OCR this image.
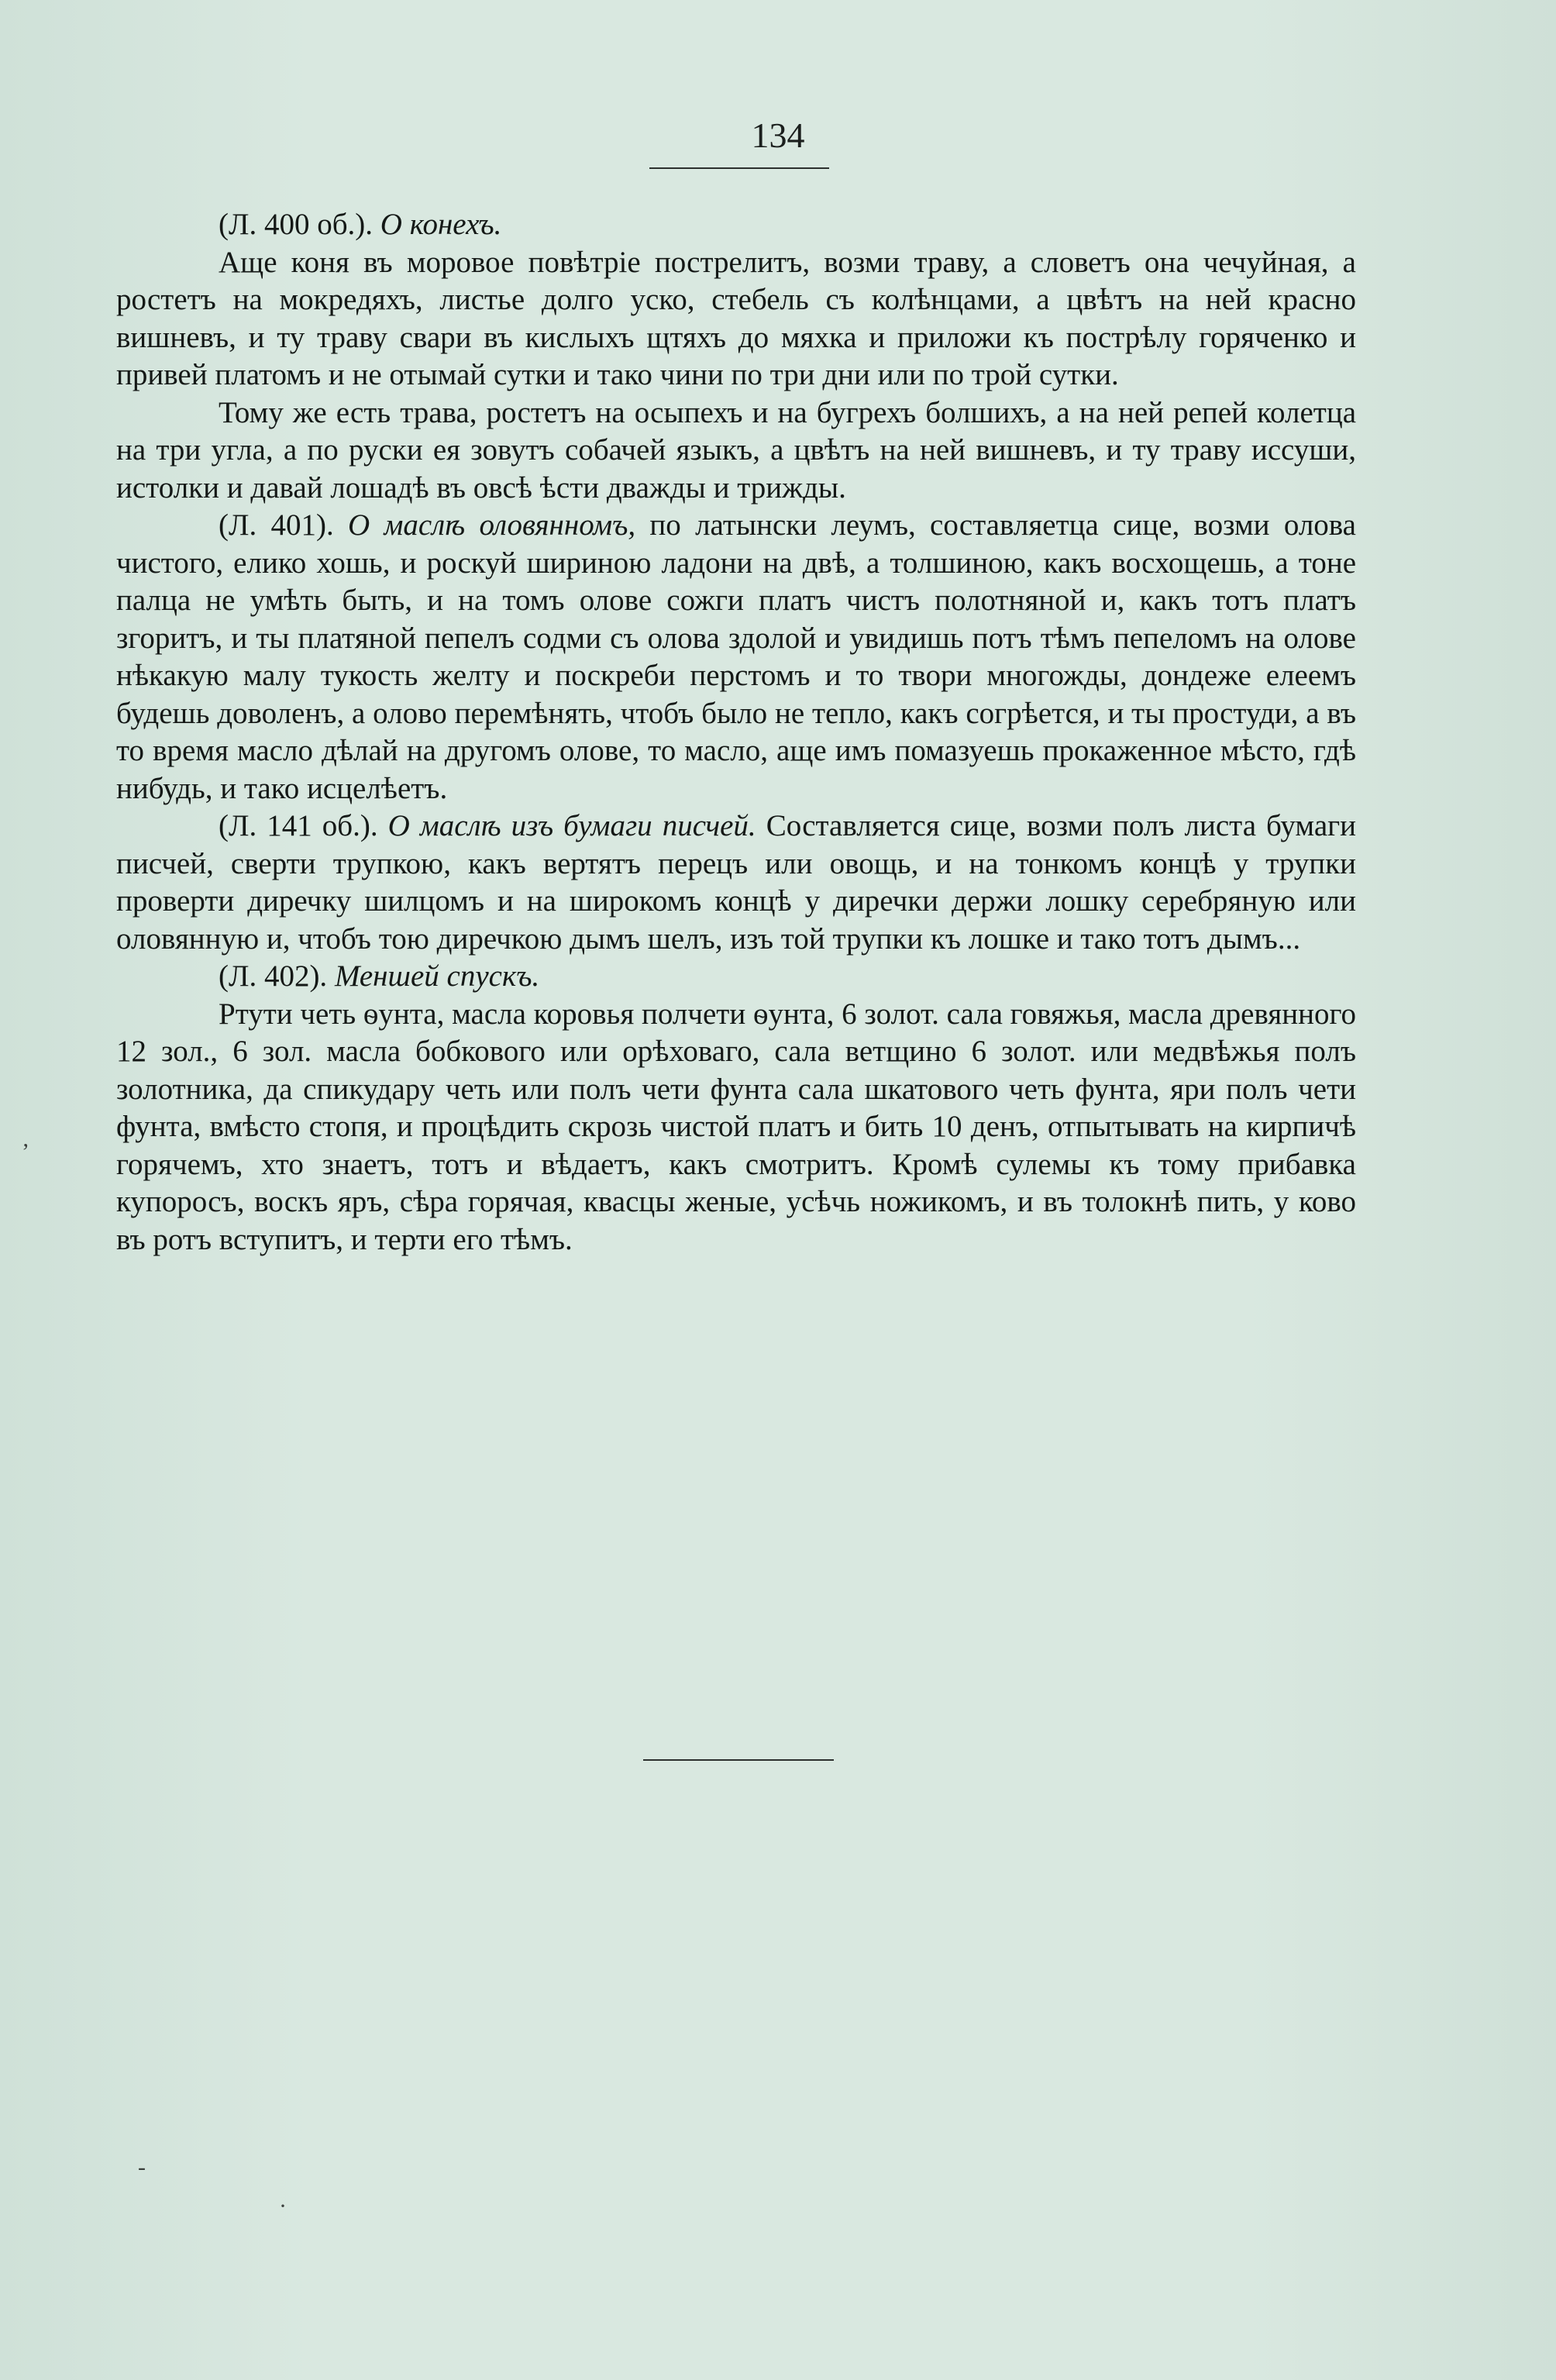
134

(Л. 400 об.). О конехъ.

Аще коня въ моровое повѣтріе пострелитъ, возми траву, а словетъ она чечуйная, а ростетъ на мокредяхъ, листье долго уско, стебель съ колѣнцами, а цвѣтъ на ней красно вишневъ, и ту траву свари въ кислыхъ щтяхъ до мяхка и приложи къ пострѣлу горяченко и привей платомъ и не отымай сутки и тако чини по три дни или по трой сутки.

Тому же есть трава, ростетъ на осыпехъ и на бугрехъ болшихъ, а на ней репей колетца на три угла, а по руски ея зовутъ собачей языкъ, а цвѣтъ на ней вишневъ, и ту траву иссуши, истолки и давай лошадѣ въ овсѣ ѣсти дважды и трижды.

(Л. 401). О маслѣ оловянномъ, по латынски леумъ, составляетца сице, возми олова чистого, елико хошь, и роскуй шириною ладони на двѣ, а толшиною, какъ восхощешь, а тоне палца не умѣть быть, и на томъ олове сожги платъ чистъ полотняной и, какъ тотъ платъ згоритъ, и ты платяной пепелъ содми съ олова здолой и увидишь потъ тѣмъ пепеломъ на олове нѣкакую малу тукость желту и поскреби перстомъ и то твори многожды, дондеже елеемъ будешь доволенъ, а олово перемѣнять, чтобъ было не тепло, какъ согрѣется, и ты простуди, а въ то время масло дѣлай на другомъ олове, то масло, аще имъ помазуешь прокаженное мѣсто, гдѣ нибудь, и тако исцелѣетъ.

(Л. 141 об.). О маслѣ изъ бумаги писчей. Составляется сице, возми полъ листа бумаги писчей, сверти трупкою, какъ вертятъ перецъ или овощь, и на тонкомъ концѣ у трупки проверти диречку шилцомъ и на широкомъ концѣ у диречки держи лошку серебряную или оловянную и, чтобъ тою диречкою дымъ шелъ, изъ той трупки къ лошке и тако тотъ дымъ...

(Л. 402). Меншей спускъ.

Ртути четь ѳунта, масла коровья полчети ѳунта, 6 золот. сала говяжья, масла древянного 12 зол., 6 зол. масла бобкового или орѣховаго, сала ветщино 6 золот. или медвѣжья полъ золотника, да спикудару четь или полъ чети фунта сала шкатового четь фунта, яри полъ чети фунта, вмѣсто стопя, и процѣдить скрозь чистой платъ и бить 10 денъ, отпытывать на кирпичѣ горячемъ, хто знаетъ, тотъ и вѣдаетъ, какъ смотритъ. Кромѣ сулемы къ тому прибавка купоросъ, воскъ яръ, сѣра горячая, квасцы женые, усѣчь ножикомъ, и въ толокнѣ пить, у ково въ ротъ вступитъ, и терти его тѣмъ.

ʼ
-
·
